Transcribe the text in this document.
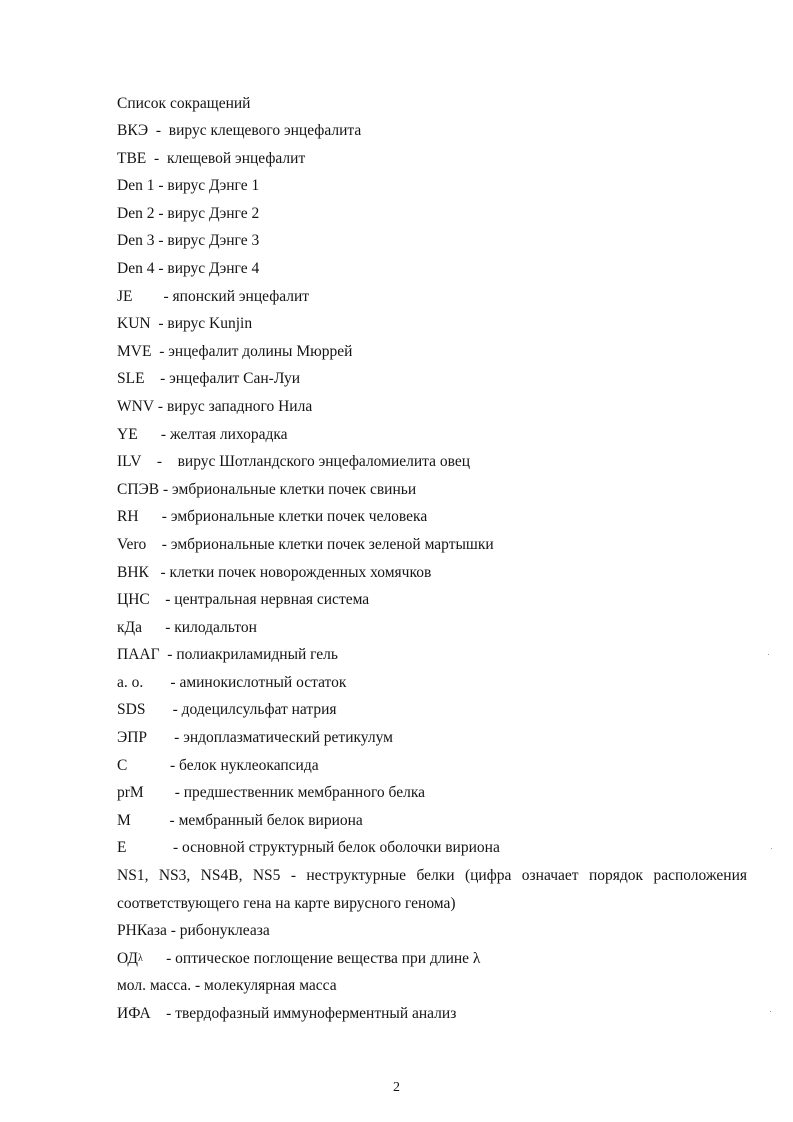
Список сокращений
ВКЭ - вирус клещевого энцефалита
TBE - клещевой энцефалит
Den 1 - вирус Дэнге 1
Den 2 - вирус Дэнге 2
Den 3 - вирус Дэнге 3
Den 4 - вирус Дэнге 4
JE - японский энцефалит
KUN - вирус Kunjin
MVE - энцефалит долины Мюррей
SLE - энцефалит Сан-Луи
WNV - вирус западного Нила
YE - желтая лихорадка
ILV - вирус Шотландского энцефаломиелита овец
СПЭВ - эмбриональные клетки почек свиньи
RH - эмбриональные клетки почек человека
Vero - эмбриональные клетки почек зеленой мартышки
ВНК - клетки почек новорожденных хомячков
ЦНС - центральная нервная система
кДа - килодальтон
ПААГ - полиакриламидный гель
а. о. - аминокислотный остаток
SDS - додецилсульфат натрия
ЭПР - эндоплазматический ретикулум
С - белок нуклеокапсида
prM - предшественник мембранного белка
М - мембранный белок вириона
Е - основной структурный белок оболочки вириона
NS1, NS3, NS4B, NS5 - неструктурные белки (цифра означает порядок расположения
соответствующего гена на карте вирусного генома)
РНКаза - рибонуклеаза
ОД λ - оптическое поглощение вещества при длине λ
мол. масса. - молекулярная масса
ИФА - твердофазный иммуноферментный анализ
2
